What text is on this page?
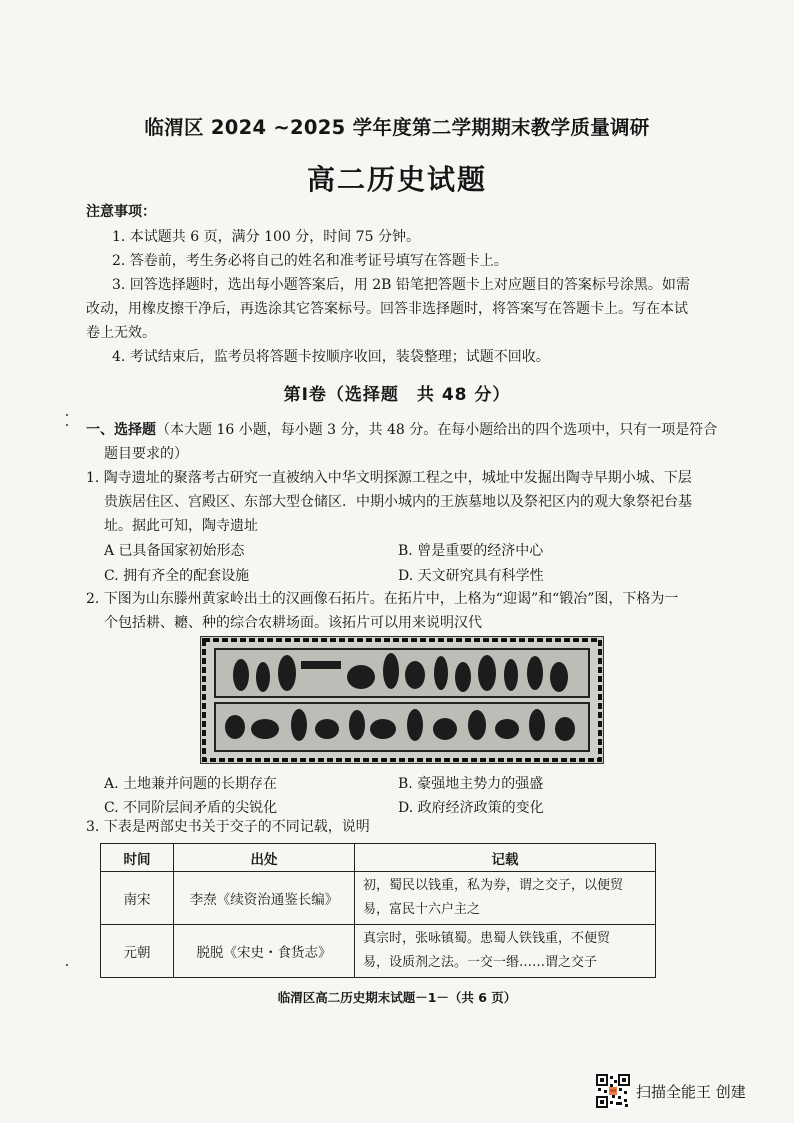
临渭区 2024 ~2025 学年度第二学期期末教学质量调研
高二历史试题
注意事项：
1. 本试题共 6 页，满分 100 分，时间 75 分钟。
2. 答卷前，考生务必将自己的姓名和准考证号填写在答题卡上。
3. 回答选择题时，选出每小题答案后，用 2B 铅笔把答题卡上对应题目的答案标号涂黑。如需
改动，用橡皮擦干净后，再选涂其它答案标号。回答非选择题时，将答案写在答题卡上。写在本试
卷上无效。
4. 考试结束后，监考员将答题卡按顺序收回，装袋整理；试题不回收。
第Ⅰ卷（选择题　共 48 分）
一、选择题（本大题 16 小题，每小题 3 分，共 48 分。在每小题给出的四个选项中，只有一项是符合
题目要求的）
1. 陶寺遗址的聚落考古研究一直被纳入中华文明探源工程之中，城址中发掘出陶寺早期小城、下层
贵族居住区、宫殿区、东部大型仓储区．中期小城内的王族墓地以及祭祀区内的观大象祭祀台基
址。据此可知，陶寺遗址
A 已具备国家初始形态	B. 曾是重要的经济中心
C. 拥有齐全的配套设施	D. 天文研究具有科学性
2. 下图为山东滕州黄家岭出土的汉画像石拓片。在拓片中，上格为“迎谒”和“锻冶”图，下格为一
个包括耕、耱、种的综合农耕场面。该拓片可以用来说明汉代
A. 土地兼并问题的长期存在	B. 豪强地主势力的强盛
C. 不同阶层间矛盾的尖锐化	D. 政府经济政策的变化
3. 下表是两部史书关于交子的不同记载，说明
时间	出处	记载
南宋	李焘《续资治通鉴长编》	初，蜀民以钱重，私为券，谓之交子，以便贸
易，富民十六户主之

元朝	脱脱《宋史・食货志》	真宗时，张咏镇蜀。患蜀人铁钱重，不便贸
易，设质剂之法。一交一缗……谓之交子
临渭区高二历史期末试题－1－（共 6 页）
扫描全能王 创建
